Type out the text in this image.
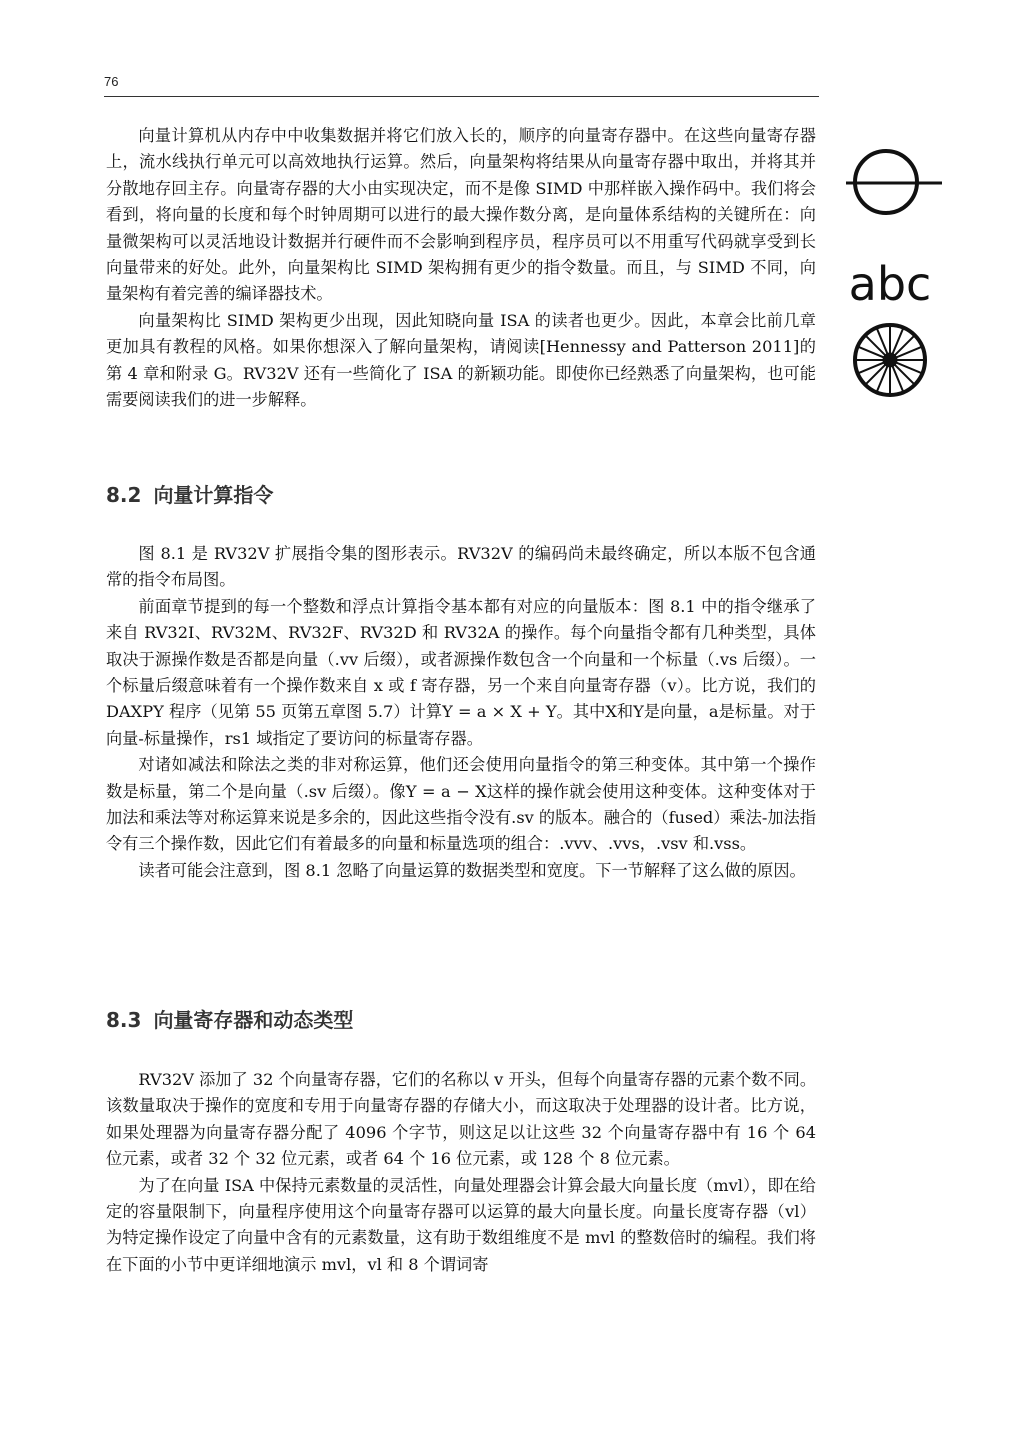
76

向量计算机从内存中中收集数据并将它们放入长的，顺序的向量寄存器中。在这些向量寄存器上，流水线执行单元可以高效地执行运算。然后，向量架构将结果从向量寄存器中取出，并将其并分散地存回主存。向量寄存器的大小由实现决定，而不是像 SIMD 中那样嵌入操作码中。我们将会看到，将向量的长度和每个时钟周期可以进行的最大操作数分离，是向量体系结构的关键所在：向量微架构可以灵活地设计数据并行硬件而不会影响到程序员，程序员可以不用重写代码就享受到长向量带来的好处。此外，向量架构比 SIMD 架构拥有更少的指令数量。而且，与 SIMD 不同，向量架构有着完善的编译器技术。

向量架构比 SIMD 架构更少出现，因此知晓向量 ISA 的读者也更少。因此，本章会比前几章更加具有教程的风格。如果你想深入了解向量架构，请阅读[Hennessy and Patterson 2011]的第 4 章和附录 G。RV32V 还有一些简化了 ISA 的新颖功能。即使你已经熟悉了向量架构，也可能需要阅读我们的进一步解释。

8.2 向量计算指令

图 8.1 是 RV32V 扩展指令集的图形表示。RV32V 的编码尚未最终确定，所以本版不包含通常的指令布局图。

前面章节提到的每一个整数和浮点计算指令基本都有对应的向量版本：图 8.1 中的指令继承了来自 RV32I、RV32M、RV32F、RV32D 和 RV32A 的操作。每个向量指令都有几种类型，具体取决于源操作数是否都是向量（.vv 后缀），或者源操作数包含一个向量和一个标量（.vs 后缀）。一个标量后缀意味着有一个操作数来自 x 或 f 寄存器，另一个来自向量寄存器（v）。比方说，我们的 DAXPY 程序（见第 55 页第五章图 5.7）计算Y = a × X + Y。其中X和Y是向量，a是标量。对于向量-标量操作，rs1 域指定了要访问的标量寄存器。

对诸如减法和除法之类的非对称运算，他们还会使用向量指令的第三种变体。其中第一个操作数是标量，第二个是向量（.sv 后缀）。像Y = a − X这样的操作就会使用这种变体。这种变体对于加法和乘法等对称运算来说是多余的，因此这些指令没有.sv 的版本。融合的（fused）乘法-加法指令有三个操作数，因此它们有着最多的向量和标量选项的组合：.vvv、.vvs，.vsv 和.vss。

读者可能会注意到，图 8.1 忽略了向量运算的数据类型和宽度。下一节解释了这么做的原因。

8.3 向量寄存器和动态类型

RV32V 添加了 32 个向量寄存器，它们的名称以 v 开头，但每个向量寄存器的元素个数不同。该数量取决于操作的宽度和专用于向量寄存器的存储大小，而这取决于处理器的设计者。比方说，如果处理器为向量寄存器分配了 4096 个字节，则这足以让这些 32 个向量寄存器中有 16 个 64 位元素，或者 32 个 32 位元素，或者 64 个 16 位元素，或 128 个 8 位元素。

为了在向量 ISA 中保持元素数量的灵活性，向量处理器会计算会最大向量长度（mvl），即在给定的容量限制下，向量程序使用这个向量寄存器可以运算的最大向量长度。向量长度寄存器（vl）为特定操作设定了向量中含有的元素数量，这有助于数组维度不是 mvl 的整数倍时的编程。我们将在下面的小节中更详细地演示 mvl，vl 和 8 个谓词寄

abc
